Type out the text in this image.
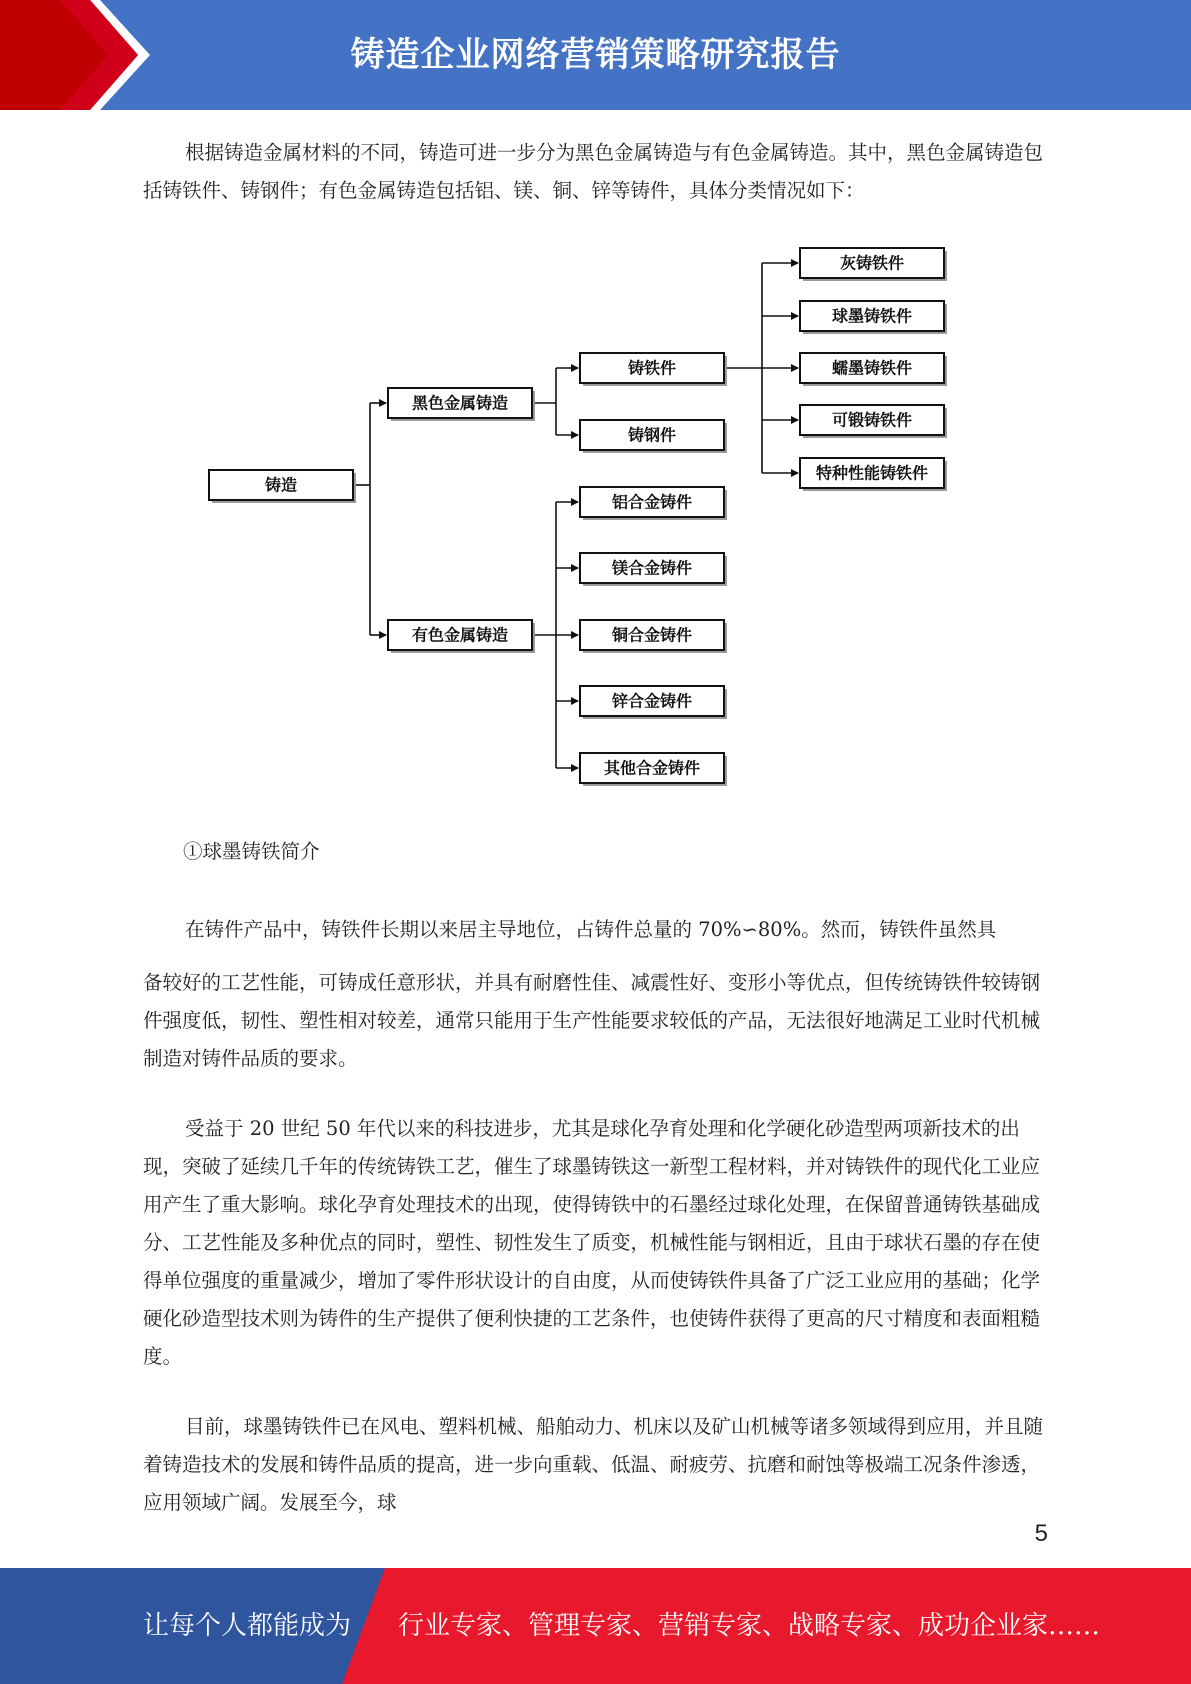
铸造企业网络营销策略研究报告

根据铸造金属材料的不同，铸造可进一步分为黑色金属铸造与有色金属铸造。其中，黑色金属铸造包括铸铁件、铸钢件；有色金属铸造包括铝、镁、铜、锌等铸件，具体分类情况如下：

铸造
黑色金属铸造
有色金属铸造
铸铁件
铸钢件
灰铸铁件
球墨铸铁件
蠕墨铸铁件
可锻铸铁件
特种性能铸铁件
铝合金铸件
镁合金铸件
铜合金铸件
锌合金铸件
其他合金铸件
①球墨铸铁简介

在铸件产品中，铸铁件长期以来居主导地位，占铸件总量的 70%∽80%。然而，铸铁件虽然具

备较好的工艺性能，可铸成任意形状，并具有耐磨性佳、减震性好、变形小等优点，但传统铸铁件较铸钢件强度低，韧性、塑性相对较差，通常只能用于生产性能要求较低的产品，无法很好地满足工业时代机械制造对铸件品质的要求。

受益于 20 世纪 50 年代以来的科技进步，尤其是球化孕育处理和化学硬化砂造型两项新技术的出现，突破了延续几千年的传统铸铁工艺，催生了球墨铸铁这一新型工程材料，并对铸铁件的现代化工业应用产生了重大影响。球化孕育处理技术的出现，使得铸铁中的石墨经过球化处理，在保留普通铸铁基础成分、工艺性能及多种优点的同时，塑性、韧性发生了质变，机械性能与钢相近，且由于球状石墨的存在使得单位强度的重量减少，增加了零件形状设计的自由度，从而使铸铁件具备了广泛工业应用的基础；化学硬化砂造型技术则为铸件的生产提供了便利快捷的工艺条件，也使铸件获得了更高的尺寸精度和表面粗糙度。

目前，球墨铸铁件已在风电、塑料机械、船舶动力、机床以及矿山机械等诸多领域得到应用，并且随着铸造技术的发展和铸件品质的提高，进一步向重载、低温、耐疲劳、抗磨和耐蚀等极端工况条件渗透，应用领域广阔。发展至今，球

5
让每个人都能成为 行业专家、管理专家、营销专家、战略专家、成功企业家……
